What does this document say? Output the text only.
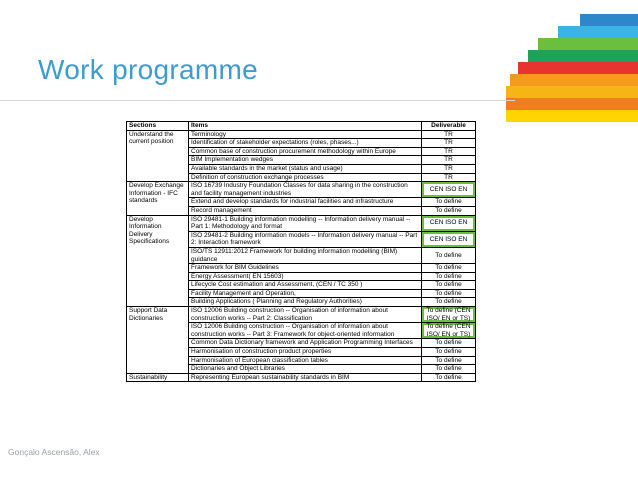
Work programme
Sections	Items	Deliverable
Understand the current position	Terminology	TR
	Identification of stakeholder expectations (roles, phases...)	TR
	Common base of construction procurement methodology within Europe	TR
	BIM Implementation wedges	TR
	Available standards in the market (status and usage)	TR
	Definition of construction exchange processes	TR
Develop Exchange Information - IFC standards	ISO 16739 Industry Foundation Classes for data sharing in the construction and facility management industries	CEN ISO EN
	Extend and develop standards for industrial facilities and infrastructure	To define
	Record management	To define
Develop Information Delivery Specifications	ISO 29481-1 Building information modelling -- Information delivery manual -- Part 1: Methodology and format	CEN ISO EN
	ISO 29481-2 Building information models -- Information delivery manual -- Part 2: Interaction framework	CEN ISO EN
	ISO/TS 12911:2012 Framework for building information modelling (BIM) guidance	To define
	Framework for BIM Guidelines	To define
	Energy Assessment( EN 15603)	To define
	Lifecycle Cost estimation and Assessment, (CEN / TC 350 )	To define
	Facility Management and Operation,	To define
	Building Applications ( Planning and Regulatory Authorities)	To define
Support Data Dictionaries	ISO 12006 Building construction -- Organisation of information about construction works -- Part 2: Classification	To define (CEN ISO/ EN or TS)
	ISO 12006 Building construction -- Organisation of information about construction works -- Part 3: Framework for object-oriented information	To define (CEN ISO/ EN or TS)
	Common Data Dictionary framework and Application Programming Interfaces	To define
	Harmonisation of construction product properties	To define
	Harmonisation of European classification tables	To define
	Dictionaries and Object Libraries	To define
Sustainability	Representing European sustainability standards in BIM	To define
Gonçalo Ascensão, Alex
